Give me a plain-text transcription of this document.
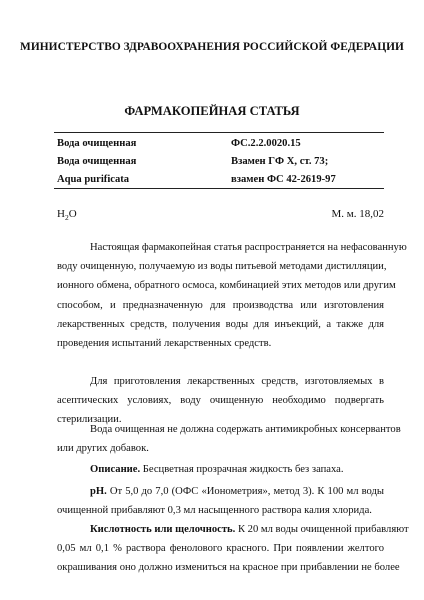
МИНИСТЕРСТВО ЗДРАВООХРАНЕНИЯ РОССИЙСКОЙ ФЕДЕРАЦИИ
ФАРМАКОПЕЙНАЯ СТАТЬЯ
Вода очищенная	ФС.2.2.0020.15
Вода очищенная	Взамен ГФ X, ст. 73;
Aqua purificata	взамен ФС 42-2619-97
$H_2O$	М. м. 18,02
Настоящая фармакопейная статья распространяется на нефасованную
воду очищенную, получаемую из воды питьевой методами дистилляции,
ионного обмена, обратного осмоса, комбинацией этих методов или другим
способом, и предназначенную для производства или изготовления
лекарственных средств, получения воды для инъекций, а также для
проведения испытаний лекарственных средств.
Для приготовления лекарственных средств, изготовляемых в
асептических условиях, воду очищенную необходимо подвергать
стерилизации.
Вода очищенная не должна содержать антимикробных консервантов
или других добавок.
Описание. Бесцветная прозрачная жидкость без запаха.
pH. От 5,0 до 7,0 (ОФС «Ионометрия», метод 3). К 100 мл воды
очищенной прибавляют 0,3 мл насыщенного раствора калия хлорида.
Кислотность или щелочность. К 20 мл воды очищенной прибавляют
0,05 мл 0,1 % раствора фенолового красного. При появлении желтого
окрашивания оно должно измениться на красное при прибавлении не более
